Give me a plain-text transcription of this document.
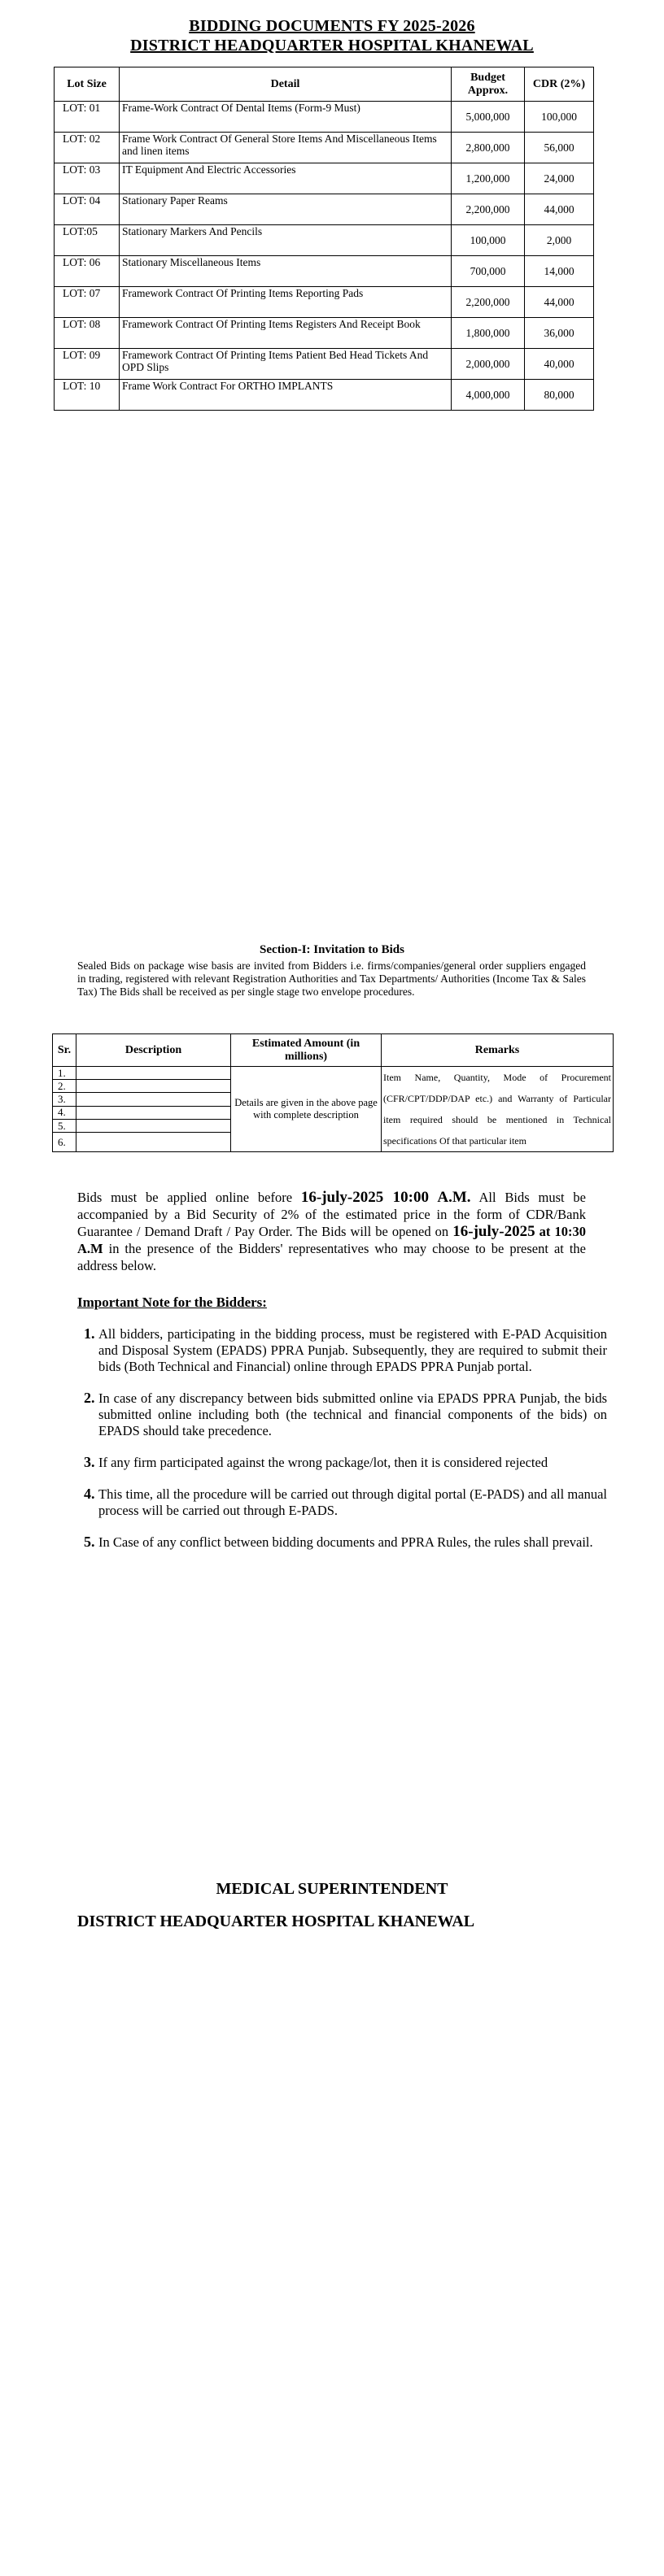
BIDDING DOCUMENTS FY 2025-2026
DISTRICT HEADQUARTER HOSPITAL KHANEWAL
Lot Size	Detail	Budget Approx.	CDR (2%)
LOT: 01	Frame-Work Contract Of Dental Items (Form-9 Must)	5,000,000	100,000
LOT: 02	Frame Work Contract Of General Store Items And Miscellaneous Items and linen items	2,800,000	56,000
LOT: 03	IT Equipment And Electric Accessories	1,200,000	24,000
LOT: 04	Stationary Paper Reams	2,200,000	44,000
LOT:05	Stationary Markers And Pencils	100,000	2,000
LOT: 06	Stationary Miscellaneous Items	700,000	14,000
LOT: 07	Framework Contract Of Printing Items Reporting Pads	2,200,000	44,000
LOT: 08	Framework Contract Of Printing Items Registers And Receipt Book	1,800,000	36,000
LOT: 09	Framework Contract Of Printing Items Patient Bed Head Tickets And OPD Slips	2,000,000	40,000
LOT: 10	Frame Work Contract For ORTHO IMPLANTS	4,000,000	80,000
Section-I: Invitation to Bids

Sealed Bids on package wise basis are invited from Bidders i.e. firms/companies/general order suppliers engaged in trading, registered with relevant Registration Authorities and Tax Departments/ Authorities (Income Tax & Sales Tax) The Bids shall be received as per single stage two envelope procedures.

Sr.	Description	Estimated Amount (in millions)	Remarks
1.		Details are given in the above page with complete description	Item Name, Quantity, Mode of Procurement (CFR/CPT/DDP/DAP etc.) and Warranty of Particular item required should be mentioned in Technical specifications Of that particular item
2.			
3.			
4.			
5.			
6.			

Bids must be applied online before 16-july-2025 10:00 A.M. All Bids must be accompanied by a Bid Security of 2% of the estimated price in the form of CDR/Bank Guarantee / Demand Draft / Pay Order. The Bids will be opened on 16-july-2025 at 10:30 A.M in the presence of the Bidders' representatives who may choose to be present at the address below.

Important Note for the Bidders:
1. All bidders, participating in the bidding process, must be registered with E-PAD Acquisition and Disposal System (EPADS) PPRA Punjab. Subsequently, they are required to submit their bids (Both Technical and Financial) online through EPADS PPRA Punjab portal.
2. In case of any discrepancy between bids submitted online via EPADS PPRA Punjab, the bids submitted online including both (the technical and financial components of the bids) on EPADS should take precedence.
3. If any firm participated against the wrong package/lot, then it is considered rejected
4. This time, all the procedure will be carried out through digital portal (E-PADS) and all manual process will be carried out through E-PADS.
5. In Case of any conflict between bidding documents and PPRA Rules, the rules shall prevail.
MEDICAL SUPERINTENDENT
DISTRICT HEADQUARTER HOSPITAL KHANEWAL
